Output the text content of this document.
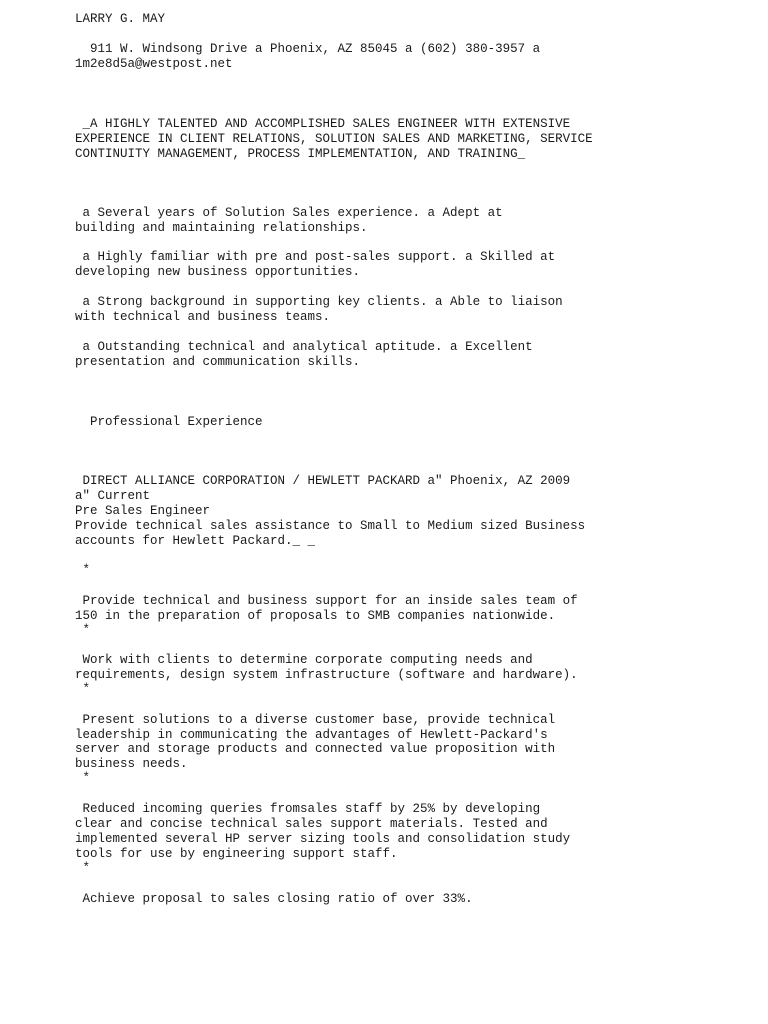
LARRY G. MAY

911 W. Windsong Drive a Phoenix, AZ 85045 a (602) 380-3957 a

1m2e8d5a@westpost.net

_A HIGHLY TALENTED AND ACCOMPLISHED SALES ENGINEER WITH EXTENSIVE

EXPERIENCE IN CLIENT RELATIONS, SOLUTION SALES AND MARKETING, SERVICE

CONTINUITY MANAGEMENT, PROCESS IMPLEMENTATION, AND TRAINING_

a Several years of Solution Sales experience. a Adept at

building and maintaining relationships.

a Highly familiar with pre and post-sales support. a Skilled at

developing new business opportunities.

a Strong background in supporting key clients. a Able to liaison

with technical and business teams.

a Outstanding technical and analytical aptitude. a Excellent

presentation and communication skills.

Professional Experience

DIRECT ALLIANCE CORPORATION / HEWLETT PACKARD a" Phoenix, AZ 2009

a" Current

Pre Sales Engineer

Provide technical sales assistance to Small to Medium sized Business

accounts for Hewlett Packard._ _

*

Provide technical and business support for an inside sales team of

150 in the preparation of proposals to SMB companies nationwide.

*

Work with clients to determine corporate computing needs and

requirements, design system infrastructure (software and hardware).

*

Present solutions to a diverse customer base, provide technical

leadership in communicating the advantages of Hewlett-Packard's

server and storage products and connected value proposition with

business needs.

*

Reduced incoming queries fromsales staff by 25% by developing

clear and concise technical sales support materials. Tested and

implemented several HP server sizing tools and consolidation study

tools for use by engineering support staff.

*

Achieve proposal to sales closing ratio of over 33%.
